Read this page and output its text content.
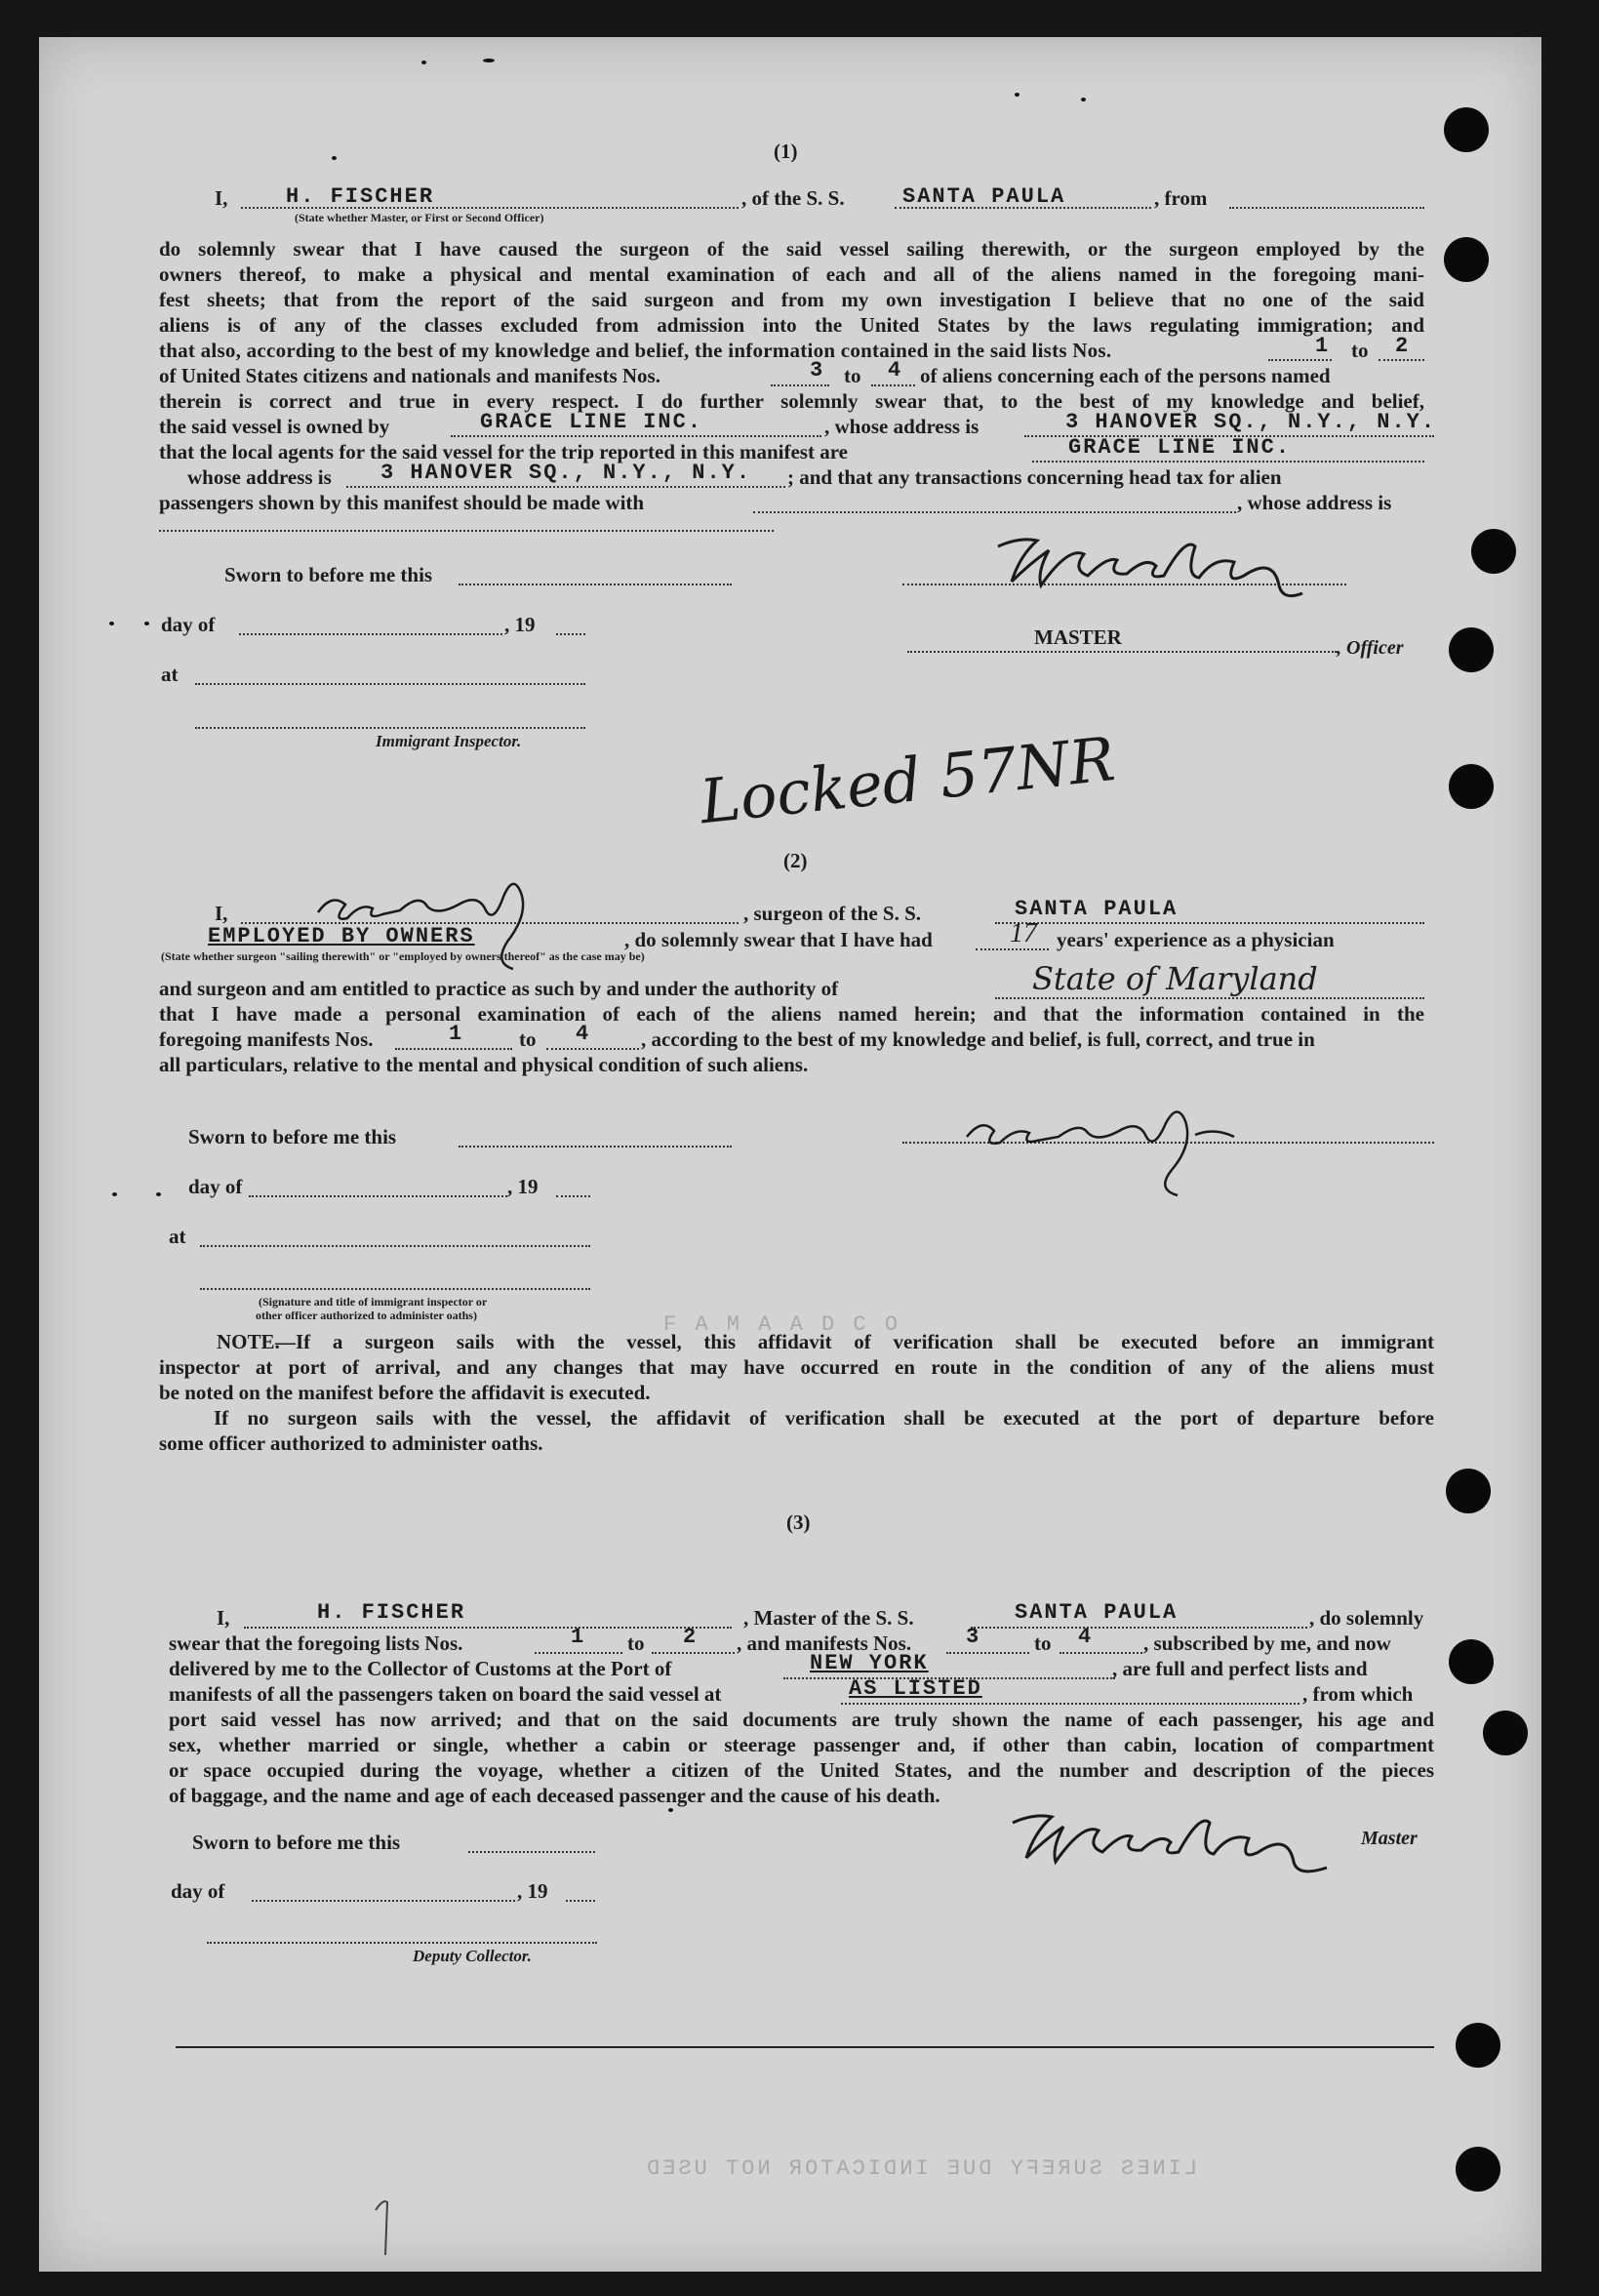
F A M A A D C O
LINES SUREFY DUE INDICATOR NOT USED
(1)
I,	H. FISCHER	, of the S. S.	SANTA PAULA	, from
(State whether Master, or First or Second Officer)
do solemnly swear that I have caused the surgeon of the said vessel sailing therewith, or the surgeon employed by the
owners thereof, to make a physical and mental examination of each and all of the aliens named in the foregoing mani-
fest sheets; that from the report of the said surgeon and from my own investigation I believe that no one of the said
aliens is of any of the classes excluded from admission into the United States by the laws regulating immigration; and
that also, according to the best of my knowledge and belief, the information contained in the said lists Nos.	1 to 2
of United States citizens and nationals and manifests Nos.	3 to 4 of aliens concerning each of the persons named
therein is correct and true in every respect. I do further solemnly swear that, to the best of my knowledge and belief,
the said vessel is owned by	GRACE LINE INC.	, whose address is	3 HANOVER SQ., N.Y., N.Y.
that the local agents for the said vessel for the trip reported in this manifest are	GRACE LINE INC.
whose address is 3 HANOVER SQ., N.Y., N.Y. ; and that any transactions concerning head tax for alien
passengers shown by this manifest should be made with	, whose address is
Sworn to before me this
day of	, 19
MASTER	, Officer
at
Immigrant Inspector.	Locked 57NR
(2)
I,	, surgeon of the S. S.	SANTA PAULA
EMPLOYED BY OWNERS	, do solemnly swear that I have had	17 years' experience as a physician
(State whether surgeon "sailing therewith" or "employed by owners thereof" as the case may be)
and surgeon and am entitled to practice as such by and under the authority of	State of Maryland
that I have made a personal examination of each of the aliens named herein; and that the information contained in the
foregoing manifests Nos.	1	to 4 , according to the best of my knowledge and belief, is full, correct, and true in
all particulars, relative to the mental and physical condition of such aliens.
Sworn to before me this
day of	, 19
at
(Signature and title of immigrant inspector or
other officer authorized to administer oaths)
NOTE.
—If a surgeon sails with the vessel, this affidavit of verification shall be executed before an immigrant
inspector at port of arrival, and any changes that may have occurred en route in the condition of any of the aliens must
be noted on the manifest before the affidavit is executed.
If no surgeon sails with the vessel, the affidavit of verification shall be executed at the port of departure before
some officer authorized to administer oaths.
(3)
I,	H. FISCHER	, Master of the S. S.	SANTA PAULA	, do solemnly
swear that the foregoing lists Nos.	1 to 2 , and manifests Nos.	3	to 4 , subscribed by me, and now
delivered by me to the Collector of Customs at the Port of	NEW YORK	, are full and perfect lists and
manifests of all the passengers taken on board the said vessel at	AS LISTED	, from which
port said vessel has now arrived; and that on the said documents are truly shown the name of each passenger, his age and
sex, whether married or single, whether a cabin or steerage passenger and, if other than cabin, location of compartment
or space occupied during the voyage, whether a citizen of the United States, and the number and description of the pieces
of baggage, and the name and age of each deceased passenger and the cause of his death.
Sworn to before me this	Master
day of	, 19
Deputy Collector.
